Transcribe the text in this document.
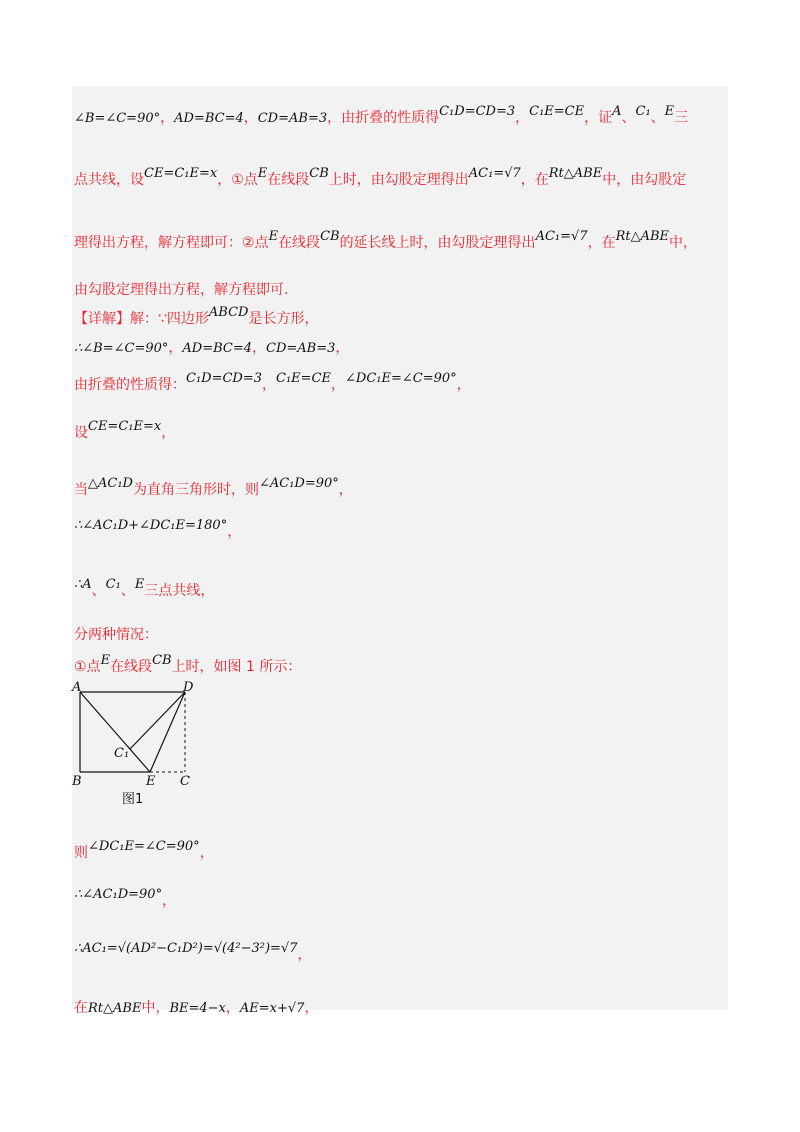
∠B=∠C=90°，AD=BC=4，CD=AB=3，由折叠的性质得C₁D=CD=3，C₁E=CE，证A、C₁、E三
点共线，设CE=C₁E=x，①点E在线段CB上时，由勾股定理得出AC₁=√7，在Rt△ABE中，由勾股定
理得出方程，解方程即可：②点E在线段CB的延长线上时，由勾股定理得出AC₁=√7，在Rt△ABE中，
由勾股定理得出方程，解方程即可.
【详解】解：∵四边形ABCD是长方形，
∴∠B=∠C=90°，AD=BC=4，CD=AB=3，
由折叠的性质得：C₁D=CD=3，C₁E=CE，∠DC₁E=∠C=90°，
设CE=C₁E=x，
当△AC₁D为直角三角形时，则∠AC₁D=90°，
∴∠AC₁D+∠DC₁E=180°，
∴A、C₁、E三点共线，
分两种情况：
①点E在线段CB上时，如图 1 所示：
则∠DC₁E=∠C=90°，
∴∠AC₁D=90°，
∴AC₁=√(AD²−C₁D²)=√(4²−3²)=√7，
在Rt△ABE中，BE=4−x，AE=x+√7，
A	D
B	E C
C₁
图1
